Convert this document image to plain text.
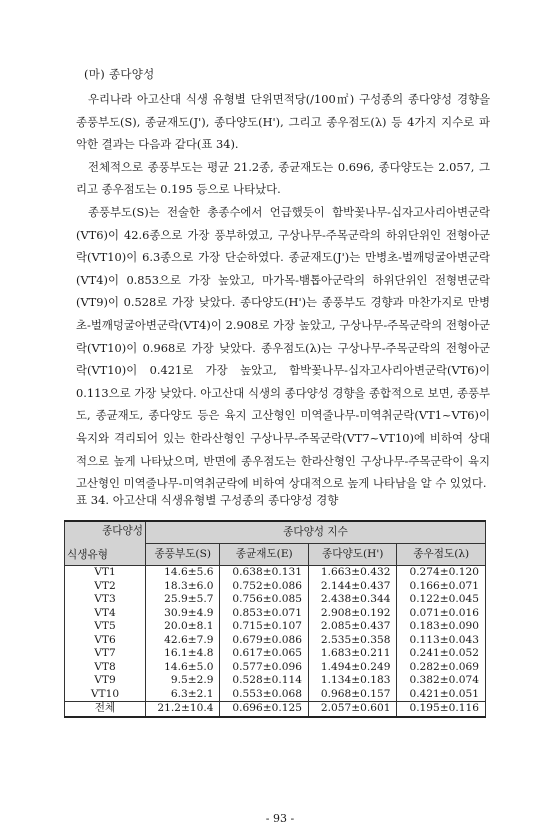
(마) 종다양성

우리나라 아고산대 식생 유형별 단위면적당(/100㎡) 구성종의 종다양성 경향을 종풍부도(S), 종균재도(J'), 종다양도(H'), 그리고 종우점도(λ) 등 4가지 지수로 파악한 결과는 다음과 같다(표 34).

전체적으로 종풍부도는 평균 21.2종, 종균재도는 0.696, 종다양도는 2.057, 그리고 종우점도는 0.195 등으로 나타났다.

종풍부도(S)는 전술한 총종수에서 언급했듯이 함박꽃나무-십자고사리아변군락(VT6)이 42.6종으로 가장 풍부하였고, 구상나무-주목군락의 하위단위인 전형아군락(VT10)이 6.3종으로 가장 단순하였다. 종균재도(J')는 만병초-벌깨덩굴아변군락(VT4)이 0.853으로 가장 높았고, 마가목-뱀톱아군락의 하위단위인 전형변군락(VT9)이 0.528로 가장 낮았다. 종다양도(H')는 종풍부도 경향과 마찬가지로 만병초-벌깨덩굴아변군락(VT4)이 2.908로 가장 높았고, 구상나무-주목군락의 전형아군락(VT10)이 0.968로 가장 낮았다. 종우점도(λ)는 구상나무-주목군락의 전형아군락(VT10)이 0.421로 가장 높았고, 함박꽃나무-십자고사리아변군락(VT6)이 0.113으로 가장 낮았다. 아고산대 식생의 종다양성 경향을 종합적으로 보면, 종풍부도, 종균재도, 종다양도 등은 육지 고산형인 미역줄나무-미역취군락(VT1~VT6)이 육지와 격리되어 있는 한라산형인 구상나무-주목군락(VT7~VT10)에 비하여 상대적으로 높게 나타났으며, 반면에 종우점도는 한라산형인 구상나무-주목군락이 육지 고산형인 미역줄나무-미역취군락에 비하여 상대적으로 높게 나타남을 알 수 있었다.

표 34. 아고산대 식생유형별 구성종의 종다양성 경향
종다양성
식생유형	종다양성 지수			
	종풍부도(S)	종균재도(E)	종다양도(H')	종우점도(λ)
VT1	14.6±5.6	0.638±0.131	1.663±0.432	0.274±0.120
VT2	18.3±6.0	0.752±0.086	2.144±0.437	0.166±0.071
VT3	25.9±5.7	0.756±0.085	2.438±0.344	0.122±0.045
VT4	30.9±4.9	0.853±0.071	2.908±0.192	0.071±0.016
VT5	20.0±8.1	0.715±0.107	2.085±0.437	0.183±0.090
VT6	42.6±7.9	0.679±0.086	2.535±0.358	0.113±0.043
VT7	16.1±4.8	0.617±0.065	1.683±0.211	0.241±0.052
VT8	14.6±5.0	0.577±0.096	1.494±0.249	0.282±0.069
VT9	9.5±2.9	0.528±0.114	1.134±0.183	0.382±0.074
VT10	6.3±2.1	0.553±0.068	0.968±0.157	0.421±0.051
전체	21.2±10.4	0.696±0.125	2.057±0.601	0.195±0.116
- 93 -
